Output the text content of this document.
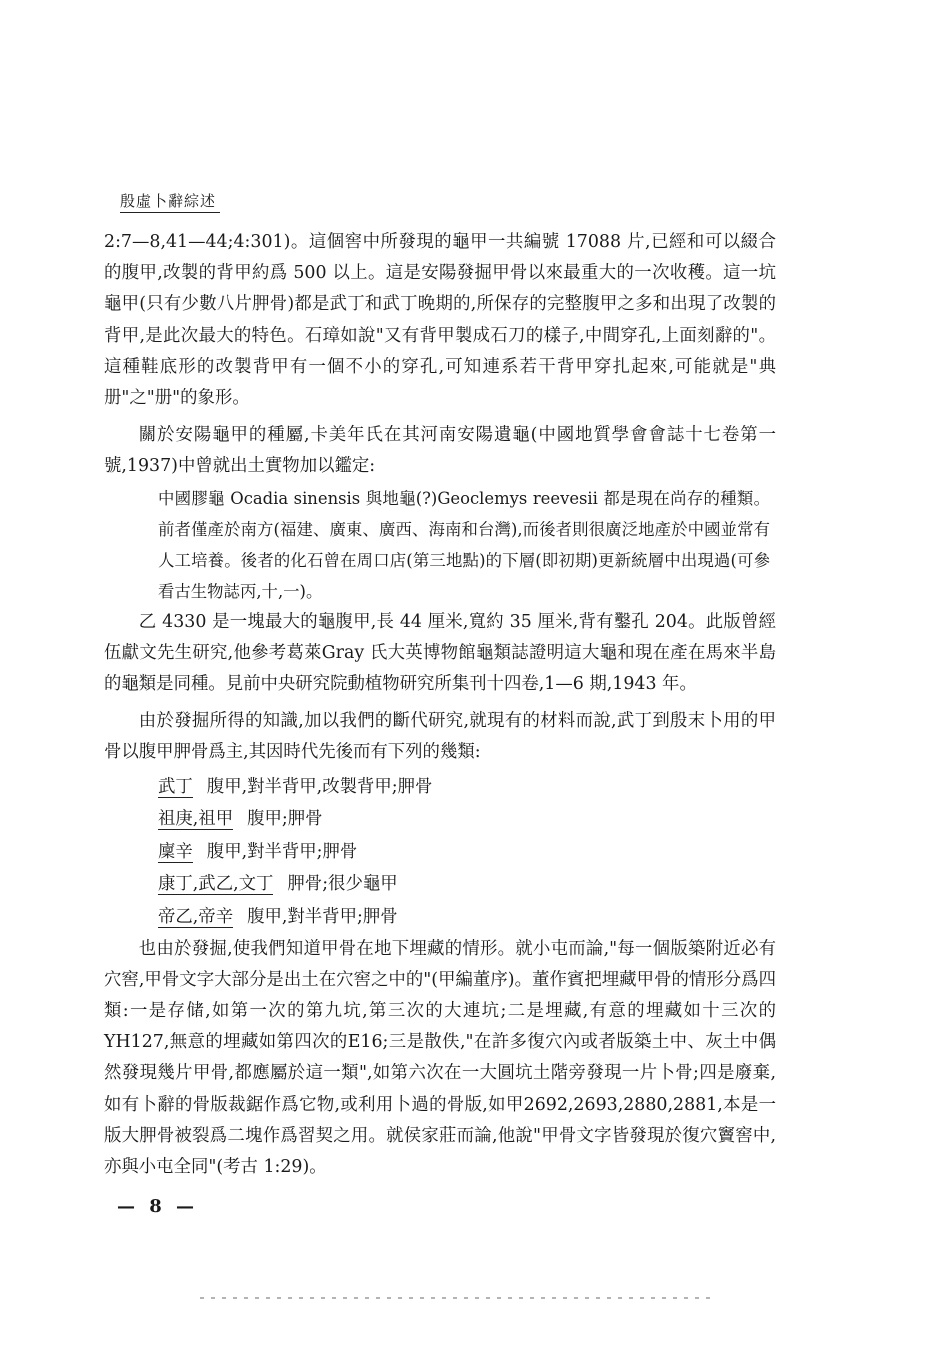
殷虛卜辭綜述

2:7—8,41—44;4:301)。這個窖中所發現的龜甲一共編號 17088 片,已經和可以綴合的腹甲,改製的背甲約爲 500 以上。這是安陽發掘甲骨以來最重大的一次收穫。這一坑龜甲(只有少數八片胛骨)都是武丁和武丁晚期的,所保存的完整腹甲之多和出現了改製的背甲,是此次最大的特色。石璋如說"又有背甲製成石刀的樣子,中間穿孔,上面刻辭的"。這種鞋底形的改製背甲有一個不小的穿孔,可知連系若干背甲穿扎起來,可能就是"典册"之"册"的象形。

關於安陽龜甲的種屬,卡美年氏在其河南安陽遺龜(中國地質學會會誌十七卷第一號,1937)中曾就出土實物加以鑑定:

中國膠龜 Ocadia sinensis 與地龜(?)Geoclemys reevesii 都是現在尚存的種類。前者僅產於南方(福建、廣東、廣西、海南和台灣),而後者則很廣泛地產於中國並常有人工培養。後者的化石曾在周口店(第三地點)的下層(即初期)更新統層中出現過(可參看古生物誌丙,十,一)。

乙 4330 是一塊最大的龜腹甲,長 44 厘米,寬約 35 厘米,背有鑿孔 204。此版曾經伍獻文先生研究,他參考葛萊Gray 氏大英博物館龜類誌證明這大龜和現在產在馬來半島的龜類是同種。見前中央研究院動植物研究所集刊十四卷,1—6 期,1943 年。

由於發掘所得的知識,加以我們的斷代研究,就現有的材料而說,武丁到殷末卜用的甲骨以腹甲胛骨爲主,其因時代先後而有下列的幾類:

武丁 腹甲,對半背甲,改製背甲;胛骨
祖庚,祖甲 腹甲;胛骨
廩辛 腹甲,對半背甲;胛骨
康丁,武乙,文丁 胛骨;很少龜甲
帝乙,帝辛 腹甲,對半背甲;胛骨

也由於發掘,使我們知道甲骨在地下埋藏的情形。就小屯而論,"每一個版築附近必有穴窖,甲骨文字大部分是出土在穴窖之中的"(甲編董序)。董作賓把埋藏甲骨的情形分爲四類:一是存储,如第一次的第九坑,第三次的大連坑;二是埋藏,有意的埋藏如十三次的YH127,無意的埋藏如第四次的E16;三是散佚,"在許多復穴內或者版築土中、灰土中偶然發現幾片甲骨,都應屬於這一類",如第六次在一大圓坑土階旁發現一片卜骨;四是廢棄,如有卜辭的骨版裁鋸作爲它物,或利用卜過的骨版,如甲2692,2693,2880,2881,本是一版大胛骨被裂爲二塊作爲習契之用。就侯家莊而論,他說"甲骨文字皆發現於復穴竇窖中,亦與小屯全同"(考古 1:29)。

— 8 —
